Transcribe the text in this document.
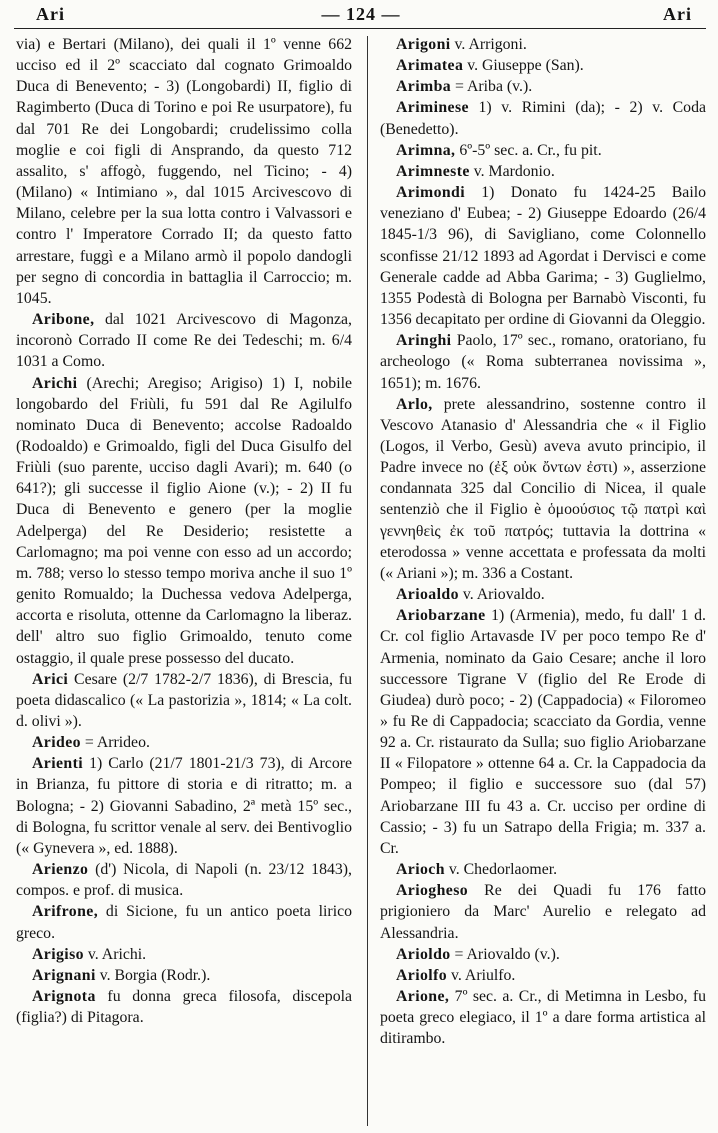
Ari	— 124 —	Ari

via) e Bertari (Milano), dei quali il 1º venne 662 ucciso ed il 2º scacciato dal cognato Grimoaldo Duca di Benevento; - 3) (Longobardi) II, figlio di Ragimberto (Duca di Torino e poi Re usurpatore), fu dal 701 Re dei Longobardi; crudelissimo colla moglie e coi figli di Ansprando, da questo 712 assalito, s' affogò, fuggendo, nel Ticino; - 4) (Milano) « Intimiano », dal 1015 Arcivescovo di Milano, celebre per la sua lotta contro i Valvassori e contro l' Imperatore Corrado II; da questo fatto arrestare, fuggì e a Milano armò il popolo dandogli per segno di concordia in battaglia il Carroccio; m. 1045.

Aribone, dal 1021 Arcivescovo di Magonza, incoronò Corrado II come Re dei Tedeschi; m. 6/4 1031 a Como.

Arichi (Arechi; Aregiso; Arigiso) 1) I, nobile longobardo del Friùli, fu 591 dal Re Agilulfo nominato Duca di Benevento; accolse Radoaldo (Rodoaldo) e Grimoaldo, figli del Duca Gisulfo del Friùli (suo parente, ucciso dagli Avari); m. 640 (o 641?); gli successe il figlio Aione (v.); - 2) II fu Duca di Benevento e genero (per la moglie Adelperga) del Re Desiderio; resistette a Carlomagno; ma poi venne con esso ad un accordo; m. 788; verso lo stesso tempo moriva anche il suo 1º genito Romualdo; la Duchessa vedova Adelperga, accorta e risoluta, ottenne da Carlomagno la liberaz. dell' altro suo figlio Grimoaldo, tenuto come ostaggio, il quale prese possesso del ducato.

Arici Cesare (2/7 1782-2/7 1836), di Brescia, fu poeta didascalico (« La pastorizia », 1814; « La colt. d. olivi »).

Arideo = Arrideo.

Arienti 1) Carlo (21/7 1801-21/3 73), di Arcore in Brianza, fu pittore di storia e di ritratto; m. a Bologna; - 2) Giovanni Sabadino, 2ª metà 15º sec., di Bologna, fu scrittor venale al serv. dei Bentivoglio (« Gynevera », ed. 1888).

Arienzo (d') Nicola, di Napoli (n. 23/12 1843), compos. e prof. di musica.

Arifrone, di Sicione, fu un antico poeta lirico greco.

Arigiso v. Arichi.

Arignani v. Borgia (Rodr.).

Arignota fu donna greca filosofa, discepola (figlia?) di Pitagora.

Arigoni v. Arrigoni.

Arimatea v. Giuseppe (San).

Arimba = Ariba (v.).

Ariminese 1) v. Rimini (da); - 2) v. Coda (Benedetto).

Arimna, 6º-5º sec. a. Cr., fu pit.

Arimneste v. Mardonio.

Arimondi 1) Donato fu 1424-25 Bailo veneziano d' Eubea; - 2) Giuseppe Edoardo (26/4 1845-1/3 96), di Savigliano, come Colonnello sconfisse 21/12 1893 ad Agordat i Dervisci e come Generale cadde ad Abba Garima; - 3) Guglielmo, 1355 Podestà di Bologna per Barnabò Visconti, fu 1356 decapitato per ordine di Giovanni da Oleggio.

Aringhi Paolo, 17º sec., romano, oratoriano, fu archeologo (« Roma subterranea novissima », 1651); m. 1676.

Arlo, prete alessandrino, sostenne contro il Vescovo Atanasio d' Alessandria che « il Figlio (Logos, il Verbo, Gesù) aveva avuto principio, il Padre invece no (ἐξ οὐκ ὄντων ἐστι) », asserzione condannata 325 dal Concilio di Nicea, il quale sentenziò che il Figlio è ὁμοούσιος τῷ πατρὶ καὶ γεννηθεὶς ἐκ τοῦ πατρός; tuttavia la dottrina « eterodossa » venne accettata e professata da molti (« Ariani »); m. 336 a Costant.

Arioaldo v. Ariovaldo.

Ariobarzane 1) (Armenia), medo, fu dall' 1 d. Cr. col figlio Artavasde IV per poco tempo Re d' Armenia, nominato da Gaio Cesare; anche il loro successore Tigrane V (figlio del Re Erode di Giudea) durò poco; - 2) (Cappadocia) « Filoromeo » fu Re di Cappadocia; scacciato da Gordia, venne 92 a. Cr. ristaurato da Sulla; suo figlio Ariobarzane II « Filopatore » ottenne 64 a. Cr. la Cappadocia da Pompeo; il figlio e successore suo (dal 57) Ariobarzane III fu 43 a. Cr. ucciso per ordine di Cassio; - 3) fu un Satrapo della Frigia; m. 337 a. Cr.

Arioch v. Chedorlaomer.

Ariogheso Re dei Quadi fu 176 fatto prigioniero da Marc' Aurelio e relegato ad Alessandria.

Arioldo = Ariovaldo (v.).

Ariolfo v. Ariulfo.

Arione, 7º sec. a. Cr., di Metimna in Lesbo, fu poeta greco elegiaco, il 1º a dare forma artistica al ditirambo.
